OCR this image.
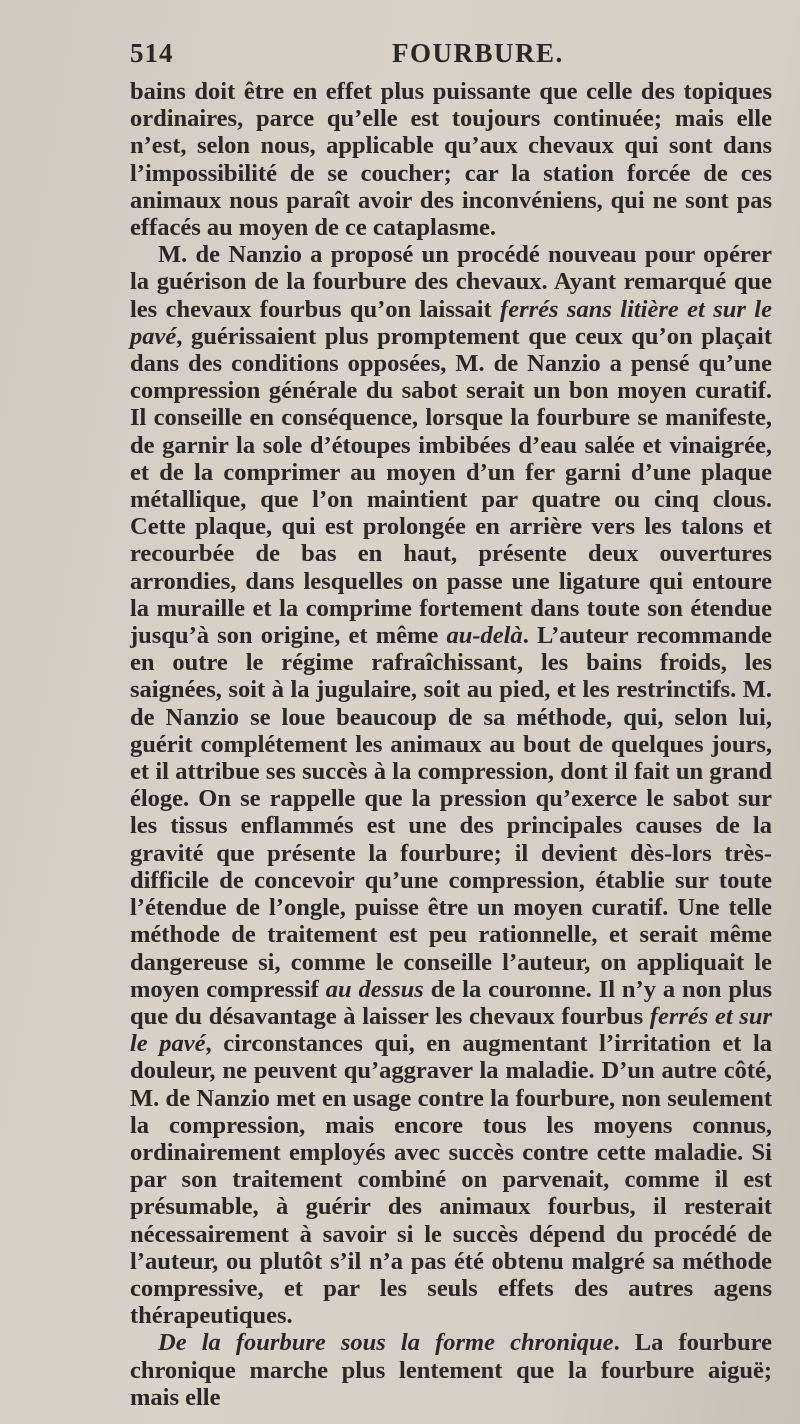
514	FOURBURE.

bains doit être en effet plus puissante que celle des topiques ordinaires, parce qu’elle est toujours continuée; mais elle n’est, selon nous, applicable qu’aux chevaux qui sont dans l’impossibilité de se coucher; car la station forcée de ces animaux nous paraît avoir des inconvéniens, qui ne sont pas effacés au moyen de ce cataplasme.

M. de Nanzio a proposé un procédé nouveau pour opérer la guérison de la fourbure des chevaux. Ayant remarqué que les chevaux fourbus qu’on laissait ferrés sans litière et sur le pavé, guérissaient plus promptement que ceux qu’on plaçait dans des conditions opposées, M. de Nanzio a pensé qu’une compression générale du sabot serait un bon moyen curatif. Il conseille en conséquence, lorsque la fourbure se manifeste, de garnir la sole d’étoupes imbibées d’eau salée et vinaigrée, et de la comprimer au moyen d’un fer garni d’une plaque métallique, que l’on maintient par quatre ou cinq clous. Cette plaque, qui est prolongée en arrière vers les talons et recourbée de bas en haut, présente deux ouvertures arrondies, dans lesquelles on passe une ligature qui entoure la muraille et la comprime fortement dans toute son étendue jusqu’à son origine, et même au-delà. L’auteur recommande en outre le régime rafraîchissant, les bains froids, les saignées, soit à la jugulaire, soit au pied, et les restrinctifs. M. de Nanzio se loue beaucoup de sa méthode, qui, selon lui, guérit complétement les animaux au bout de quelques jours, et il attribue ses succès à la compression, dont il fait un grand éloge. On se rappelle que la pression qu’exerce le sabot sur les tissus enflammés est une des principales causes de la gravité que présente la fourbure; il devient dès-lors très-difficile de concevoir qu’une compression, établie sur toute l’étendue de l’ongle, puisse être un moyen curatif. Une telle méthode de traitement est peu rationnelle, et serait même dangereuse si, comme le conseille l’auteur, on appliquait le moyen compressif au dessus de la couronne. Il n’y a non plus que du désavantage à laisser les chevaux fourbus ferrés et sur le pavé, circonstances qui, en augmentant l’irritation et la douleur, ne peuvent qu’aggraver la maladie. D’un autre côté, M. de Nanzio met en usage contre la fourbure, non seulement la compression, mais encore tous les moyens connus, ordinairement employés avec succès contre cette maladie. Si par son traitement combiné on parvenait, comme il est présumable, à guérir des animaux fourbus, il resterait nécessairement à savoir si le succès dépend du procédé de l’auteur, ou plutôt s’il n’a pas été obtenu malgré sa méthode compressive, et par les seuls effets des autres agens thérapeutiques.

De la fourbure sous la forme chronique. La fourbure chronique marche plus lentement que la fourbure aiguë; mais elle
